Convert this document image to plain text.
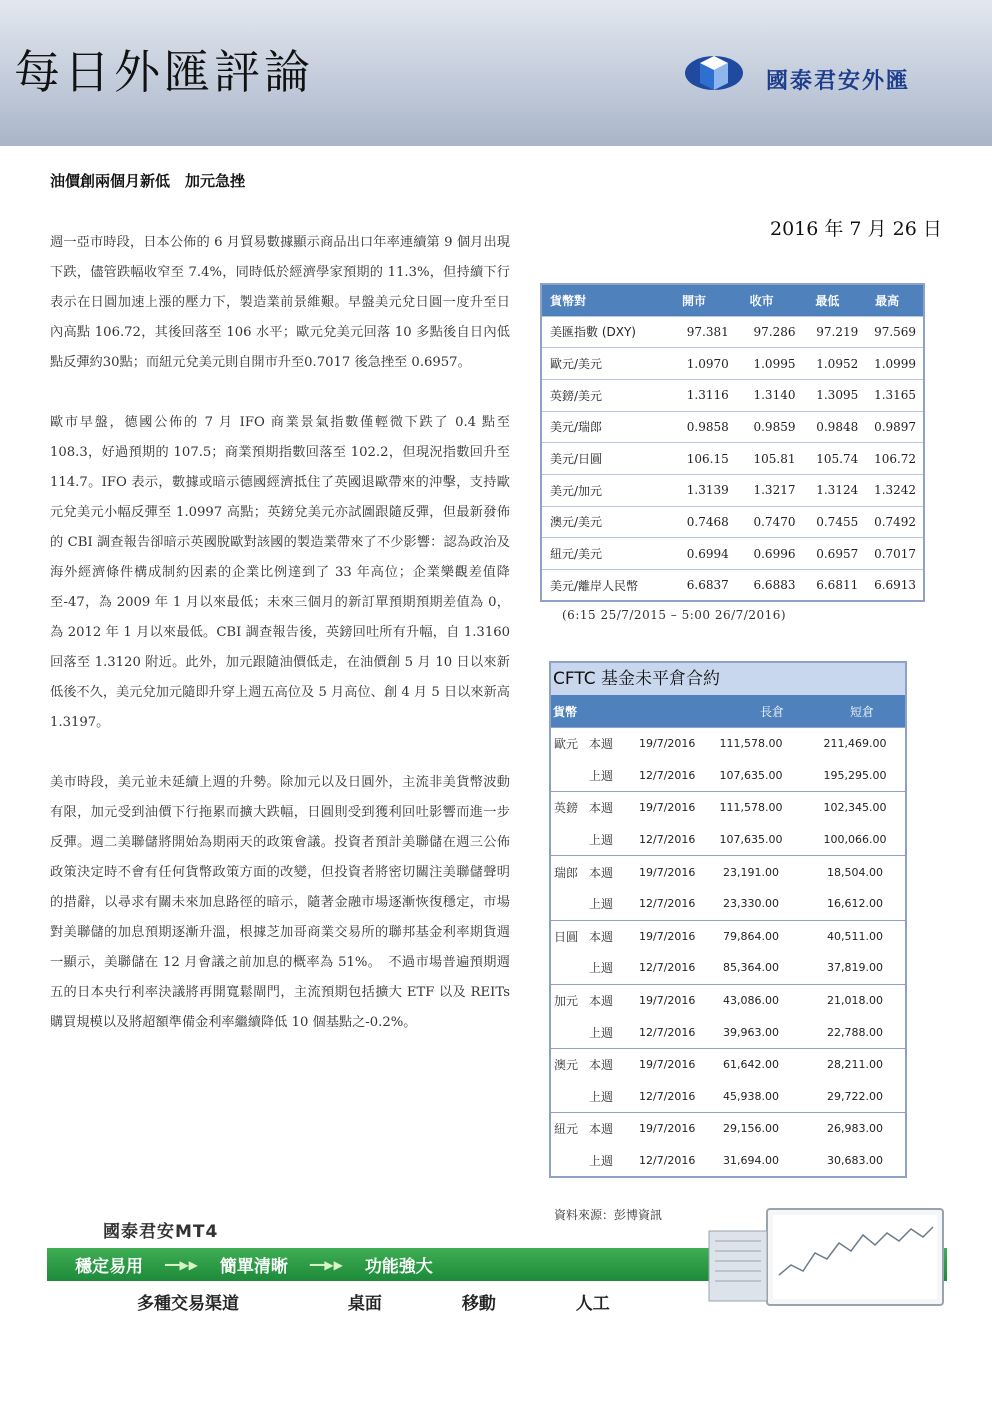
每日外匯評論	國泰君安外匯
油價創兩個月新低　加元急挫
2016 年 7 月 26 日

週一亞市時段，日本公佈的 6 月貿易數據顯示商品出口年率連續第 9 個月出現下跌，儘管跌幅收窄至 7.4%，同時低於經濟學家預期的 11.3%，但持續下行表示在日圓加速上漲的壓力下，製造業前景維艱。早盤美元兌日圓一度升至日內高點 106.72，其後回落至 106 水平；歐元兌美元回落 10 多點後自日內低點反彈約30點；而紐元兌美元則自開市升至0.7017 後急挫至 0.6957。

歐市早盤，德國公佈的 7 月 IFO 商業景氣指數僅輕微下跌了 0.4 點至 108.3，好過預期的 107.5；商業預期指數回落至 102.2，但現況指數回升至 114.7。IFO 表示，數據或暗示德國經濟抵住了英國退歐帶來的沖擊，支持歐元兌美元小幅反彈至 1.0997 高點；英鎊兌美元亦試圖跟隨反彈，但最新發佈的 CBI 調查報告卻暗示英國脫歐對該國的製造業帶來了不少影響：認為政治及海外經濟條件構成制約因素的企業比例達到了 33 年高位；企業樂觀差值降至-47，為 2009 年 1 月以來最低；未來三個月的新訂單預期預期差值為 0，為 2012 年 1 月以來最低。CBI 調查報告後，英鎊回吐所有升幅，自 1.3160 回落至 1.3120 附近。此外，加元跟隨油價低走，在油價創 5 月 10 日以來新低後不久，美元兌加元隨即升穿上週五高位及 5 月高位、創 4 月 5 日以來新高 1.3197。

美市時段，美元並未延續上週的升勢。除加元以及日圓外，主流非美貨幣波動有限，加元受到油價下行拖累而擴大跌幅，日圓則受到獲利回吐影響而進一步反彈。週二美聯儲將開始為期兩天的政策會議。投資者預計美聯儲在週三公佈政策決定時不會有任何貨幣政策方面的改變，但投資者將密切關注美聯儲聲明的措辭，以尋求有關未來加息路徑的暗示，隨著金融市場逐漸恢復穩定，市場對美聯儲的加息預期逐漸升溫，根據芝加哥商業交易所的聯邦基金利率期貨週一顯示，美聯儲在 12 月會議之前加息的概率為 51%。　不過市場普遍預期週五的日本央行利率決議將再開寬鬆閘門，主流預期包括擴大 ETF 以及 REITs 購買規模以及將超額準備金利率繼續降低 10 個基點之-0.2%。

貨幣對	開市	收市	最低	最高
美匯指數 (DXY)	97.381	97.286	97.219	97.569
歐元/美元	1.0970	1.0995	1.0952	1.0999
英鎊/美元	1.3116	1.3140	1.3095	1.3165
美元/瑞郎	0.9858	0.9859	0.9848	0.9897
美元/日圓	106.15	105.81	105.74	106.72
美元/加元	1.3139	1.3217	1.3124	1.3242
澳元/美元	0.7468	0.7470	0.7455	0.7492
紐元/美元	0.6994	0.6996	0.6957	0.7017
美元/離岸人民幣	6.6837	6.6883	6.6811	6.6913
(6:15 25/7/2015 – 5:00 26/7/2016)
CFTC 基金未平倉合約
貨幣	長倉	短倉
歐元 本週	19/7/2016	111,578.00	211,469.00
上週	12/7/2016	107,635.00	195,295.00
英鎊 本週	19/7/2016	111,578.00	102,345.00
上週	12/7/2016	107,635.00	100,066.00
瑞郎 本週	19/7/2016	23,191.00	18,504.00
上週	12/7/2016	23,330.00	16,612.00
日圓 本週	19/7/2016	79,864.00	40,511.00
上週	12/7/2016	85,364.00	37,819.00
加元 本週	19/7/2016	43,086.00	21,018.00
上週	12/7/2016	39,963.00	22,788.00
澳元 本週	19/7/2016	61,642.00	28,211.00
上週	12/7/2016	45,938.00	29,722.00
紐元 本週	19/7/2016	29,156.00	26,983.00
上週	12/7/2016	31,694.00	30,683.00
資料來源：彭博資訊
國泰君安MT4
穩定易用 ━━▶▶ 簡單清晰 ━━▶▶ 功能強大
多種交易渠道	桌面	移動	人工
